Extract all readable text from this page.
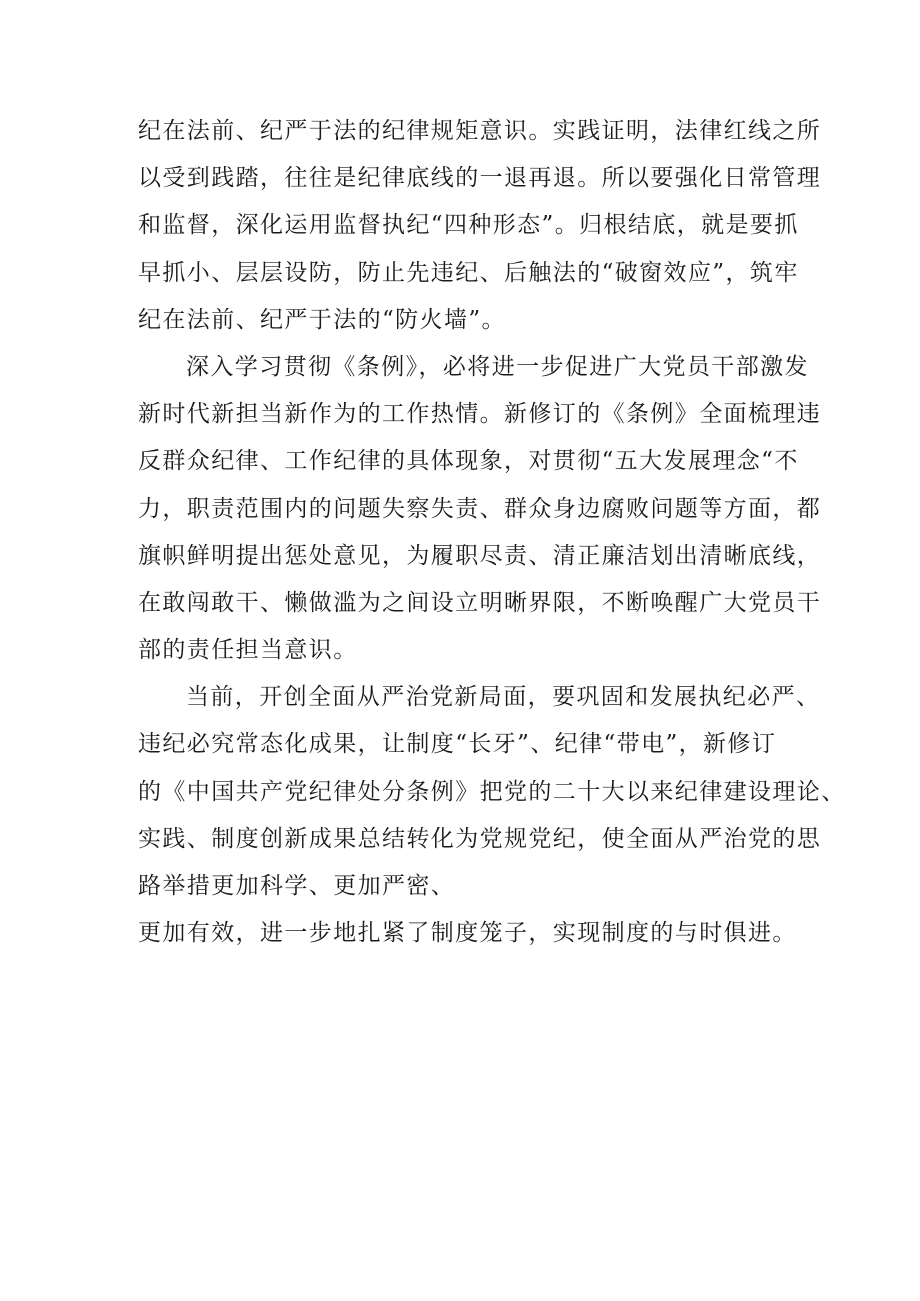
纪在法前、纪严于法的纪律规矩意识。实践证明，法律红线之所
以受到践踏，往往是纪律底线的一退再退。所以要强化日常管理
和监督，深化运用监督执纪“四种形态”。归根结底，就是要抓
早抓小、层层设防，防止先违纪、后触法的“破窗效应”，筑牢
纪在法前、纪严于法的“防火墙”。
深入学习贯彻《条例》，必将进一步促进广大党员干部激发
新时代新担当新作为的工作热情。新修订的《条例》全面梳理违
反群众纪律、工作纪律的具体现象，对贯彻“五大发展理念“不
力，职责范围内的问题失察失责、群众身边腐败问题等方面，都
旗帜鲜明提出惩处意见，为履职尽责、清正廉洁划出清晰底线，
在敢闯敢干、懒做滥为之间设立明晰界限，不断唤醒广大党员干
部的责任担当意识。
当前，开创全面从严治党新局面，要巩固和发展执纪必严、
违纪必究常态化成果，让制度“长牙”、纪律“带电”，新修订
的《中国共产党纪律处分条例》把党的二十大以来纪律建设理论、
实践、制度创新成果总结转化为党规党纪，使全面从严治党的思
路举措更加科学、更加严密、
更加有效，进一步地扎紧了制度笼子，实现制度的与时俱进。
